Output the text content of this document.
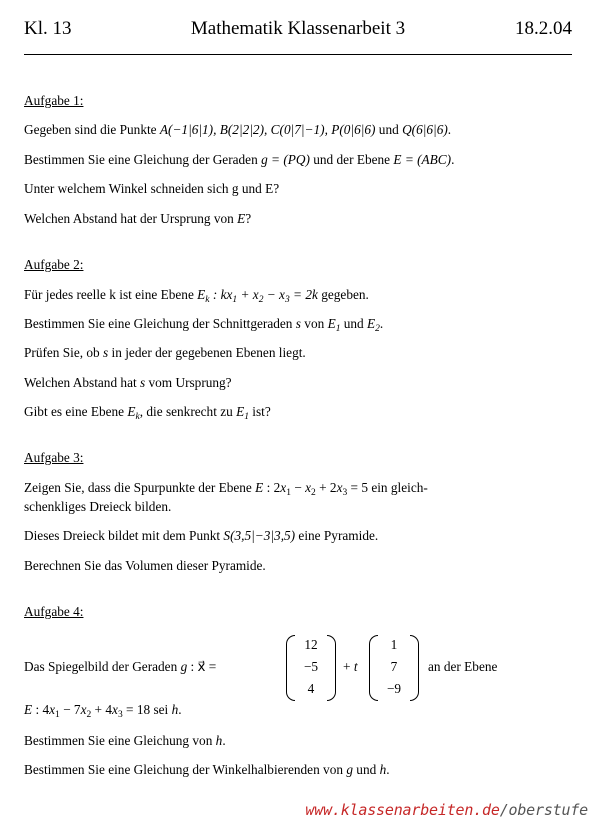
Mathematik Klassenarbeit 3
Kl. 13	18.2.04
Aufgabe 1:
Gegeben sind die Punkte A(−1|6|1), B(2|2|2), C(0|7|−1), P(0|6|6) und Q(6|6|6).
Bestimmen Sie eine Gleichung der Geraden g = (PQ) und der Ebene E = (ABC).
Unter welchem Winkel schneiden sich g und E?
Welchen Abstand hat der Ursprung von E?
Aufgabe 2:
Für jedes reelle k ist eine Ebene $E_k$ : $kx_1 + x_2 - x_3 = 2k$ gegeben.
Bestimmen Sie eine Gleichung der Schnittgeraden s von $E_1$ und $E_2$.
Prüfen Sie, ob s in jeder der gegebenen Ebenen liegt.
Welchen Abstand hat s vom Ursprung?
Gibt es eine Ebene $E_k$, die senkrecht zu $E_1$ ist?
Aufgabe 3:
Zeigen Sie, dass die Spurpunkte der Ebene E : $2x_1 - x_2 + 2x_3 = 5$ ein gleich-
schenkliges Dreieck bilden.
Dieses Dreieck bildet mit dem Punkt S(3,5|−3|3,5) eine Pyramide.
Berechnen Sie das Volumen dieser Pyramide.
Aufgabe 4:
Das Spiegelbild der Geraden g : x⃗ =
12
−5
4
+ t
1
7
−9
an der Ebene
E : $4x_1 - 7x_2 + 4x_3 = 18$ sei h.
Bestimmen Sie eine Gleichung von h.
Bestimmen Sie eine Gleichung der Winkelhalbierenden von g und h.
www.klassenarbeiten.de/oberstufe
